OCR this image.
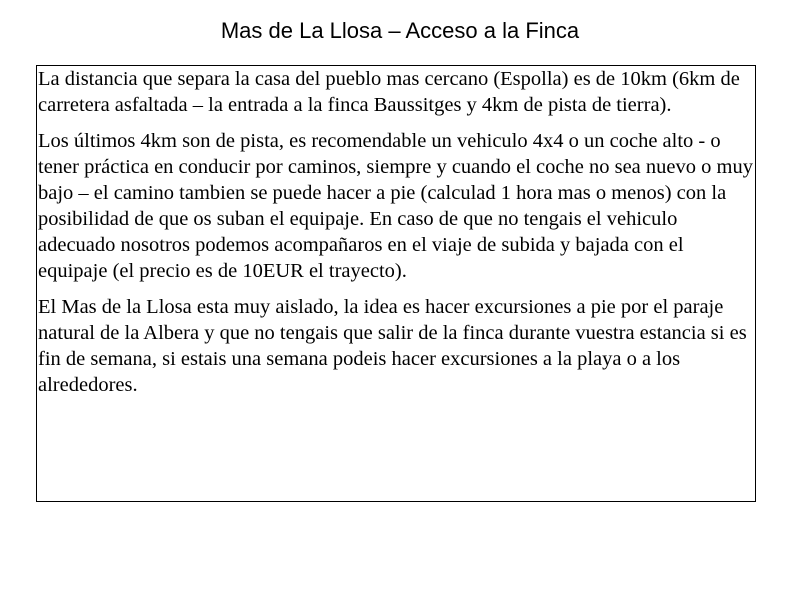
Mas de La Llosa – Acceso a la Finca

La distancia que separa la casa del pueblo mas cercano (Espolla) es de 10km (6km de carretera asfaltada – la entrada a la finca Baussitges y 4km de pista de tierra).

Los últimos 4km son de pista, es recomendable un vehiculo 4x4 o un coche alto - o tener práctica en conducir por caminos, siempre y cuando el coche no sea nuevo o muy bajo – el camino tambien se puede hacer a pie (calculad 1 hora mas o menos) con la posibilidad de que os suban el equipaje. En caso de que no tengais el vehiculo adecuado nosotros podemos acompañaros en el viaje de subida y bajada con el equipaje (el precio es de 10EUR el trayecto).

El Mas de la Llosa esta muy aislado, la idea es hacer excursiones a pie por el paraje natural de la Albera y que no tengais que salir de la finca durante vuestra estancia si es fin de semana, si estais una semana podeis hacer excursiones a la playa o a los alrededores.
